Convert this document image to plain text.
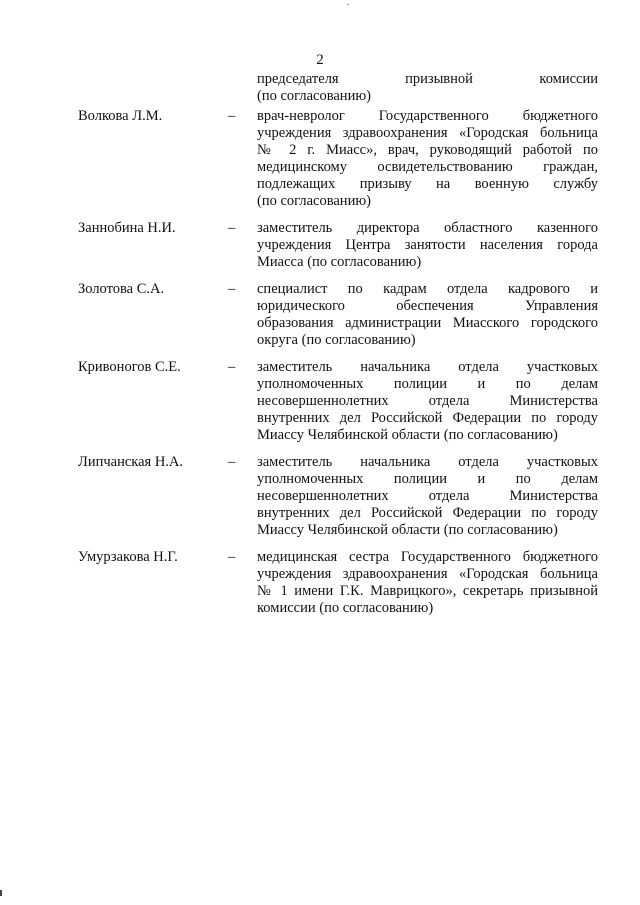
2
председателя призывной комиссии
(по согласованию)
Волкова Л.М.	–	врач-невролог Государственного бюджетного
учреждения здравоохранения «Городская больница
№ 2 г. Миасс», врач, руководящий работой по
медицинскому освидетельствованию граждан,
подлежащих призыву на военную службу
(по согласованию)
Заннобина Н.И.	–	заместитель директора областного казенного
учреждения Центра занятости населения города
Миасса (по согласованию)
Золотова С.А.	–	специалист по кадрам отдела кадрового и
юридического обеспечения Управления
образования администрации Миасского городского
округа (по согласованию)
Кривоногов С.Е.	–	заместитель начальника отдела участковых
уполномоченных полиции и по делам
несовершеннолетних отдела Министерства
внутренних дел Российской Федерации по городу
Миассу Челябинской области (по согласованию)
Липчанская Н.А.	–	заместитель начальника отдела участковых
уполномоченных полиции и по делам
несовершеннолетних отдела Министерства
внутренних дел Российской Федерации по городу
Миассу Челябинской области (по согласованию)
Умурзакова Н.Г.	–	медицинская сестра Государственного бюджетного
учреждения здравоохранения «Городская больница
№ 1 имени Г.К. Маврицкого», секретарь призывной
комиссии (по согласованию)
